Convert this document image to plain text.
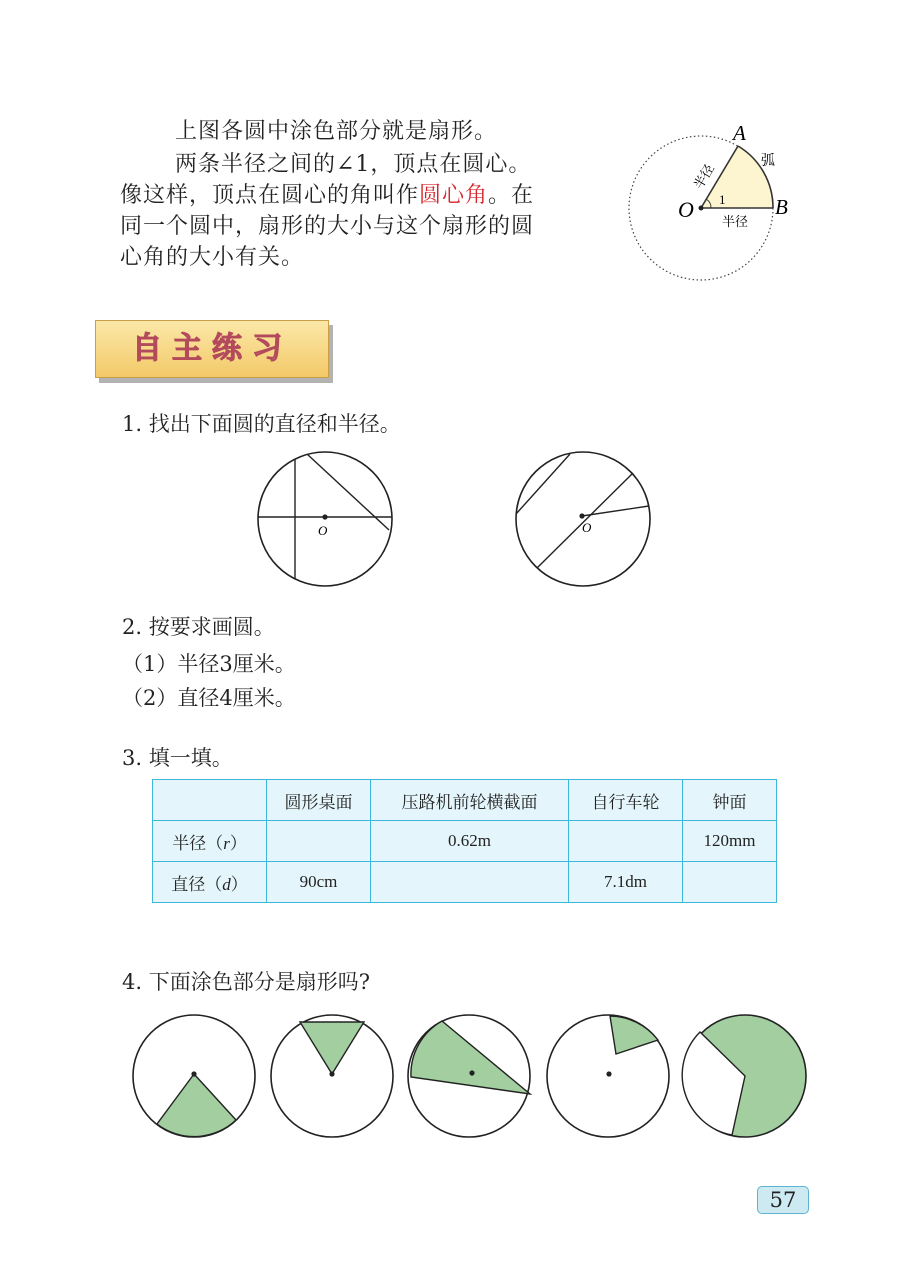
上图各圆中涂色部分就是扇形。
两条半径之间的∠1，顶点在圆心。
像这样，顶点在圆心的角叫作圆心角。在
同一个圆中，扇形的大小与这个扇形的圆
心角的大小有关。
A
B
O
弧
半径
半径
1
自主练习
1. 找出下面圆的直径和半径。
O	O
2. 按要求画圆。
（1）半径3厘米。
（2）直径4厘米。
3. 填一填。
	圆形桌面	压路机前轮横截面	自行车轮	钟面
半径（r）		0.62m		120mm
直径（d）	90cm		7.1dm	
4. 下面涂色部分是扇形吗?
57
